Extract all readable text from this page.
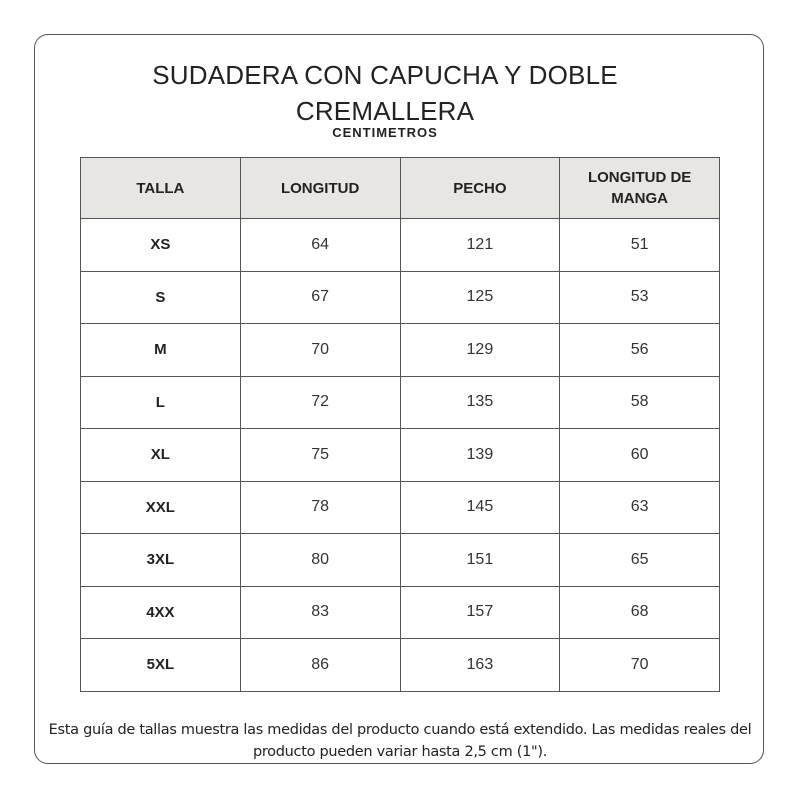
SUDADERA CON CAPUCHA Y DOBLE
CREMALLERA
CENTIMETROS
TALLA	LONGITUD	PECHO	LONGITUD DE MANGA
XS	64	121	51
S	67	125	53
M	70	129	56
L	72	135	58
XL	75	139	60
XXL	78	145	63
3XL	80	151	65
4XX	83	157	68
5XL	86	163	70

Esta guía de tallas muestra las medidas del producto cuando está extendido. Las medidas reales del producto pueden variar hasta 2,5 cm (1").
